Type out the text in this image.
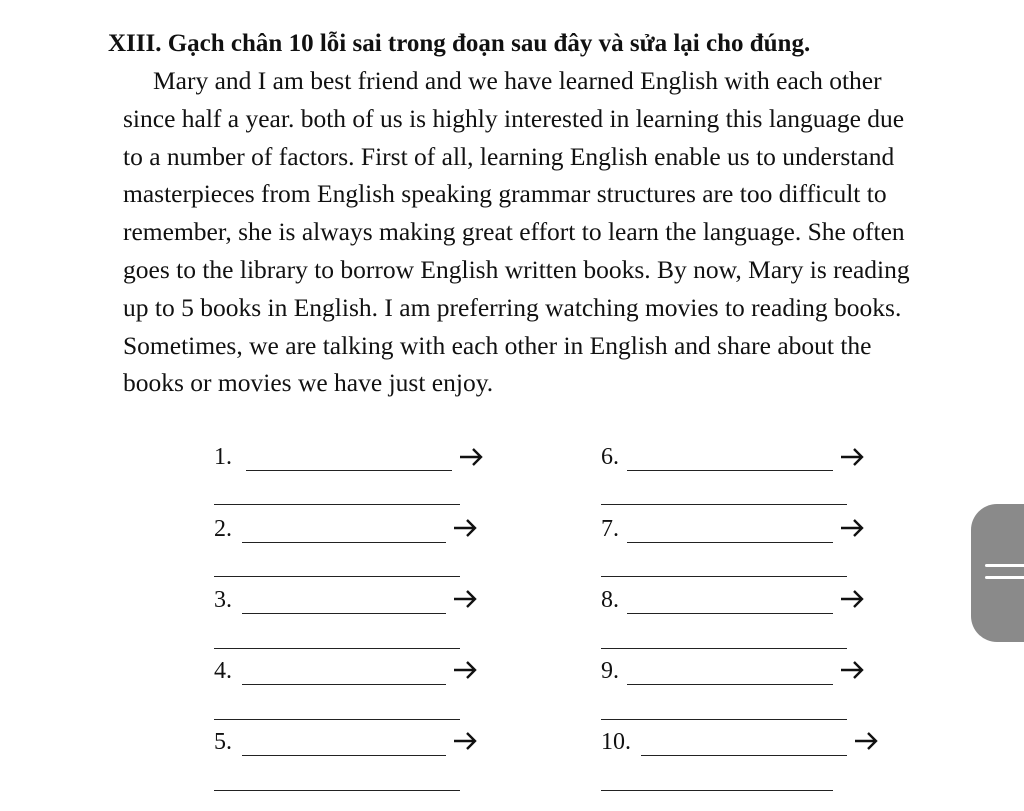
XIII. Gạch chân 10 lỗi sai trong đoạn sau đây và sửa lại cho đúng.
Mary and I am best friend and we have learned English with each other
since half a year. both of us is highly interested in learning this language due
to a number of factors. First of all, learning English enable us to understand
masterpieces from English speaking grammar structures are too difficult to
remember, she is always making great effort to learn the language. She often
goes to the library to borrow English written books. By now, Mary is reading
up to 5 books in English. I am preferring watching movies to reading books.
Sometimes, we are talking with each other in English and share about the
books or movies we have just enjoy.
1.
2.
3.
4.
5.
6.
7.
8.
9.
10.
